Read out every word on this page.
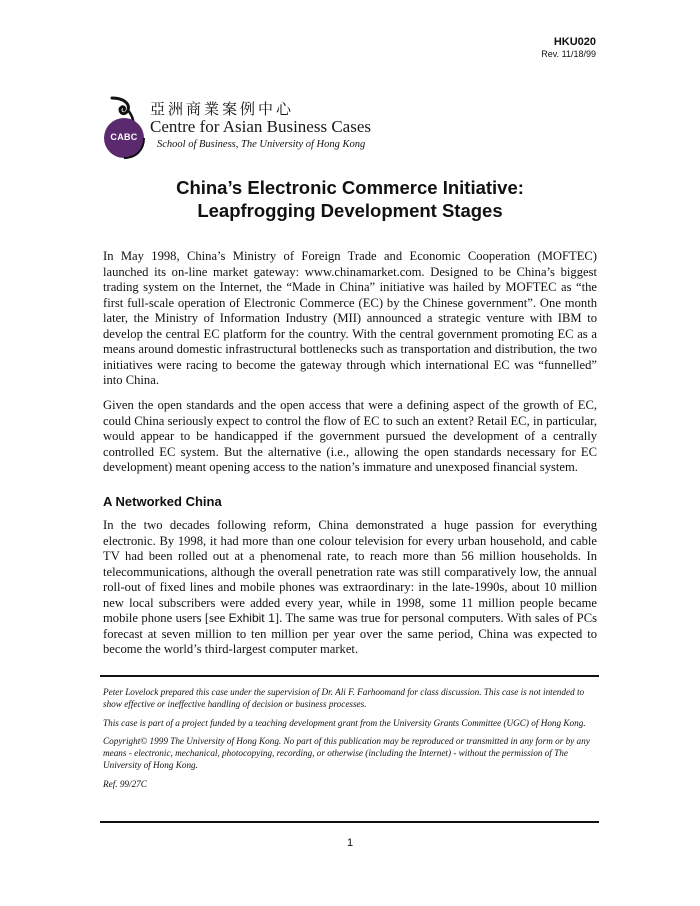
HKU020
Rev. 11/18/99
CABC
亞洲商業案例中心
Centre for Asian Business Cases
School of Business, The University of Hong Kong
China’s Electronic Commerce Initiative:
Leapfrogging Development Stages

In May 1998, China’s Ministry of Foreign Trade and Economic Cooperation (MOFTEC) launched its on-line market gateway: www.chinamarket.com. Designed to be China’s biggest trading system on the Internet, the “Made in China” initiative was hailed by MOFTEC as “the first full-scale operation of Electronic Commerce (EC) by the Chinese government”. One month later, the Ministry of Information Industry (MII) announced a strategic venture with IBM to develop the central EC platform for the country. With the central government promoting EC as a means around domestic infrastructural bottlenecks such as transportation and distribution, the two initiatives were racing to become the gateway through which international EC was “funnelled” into China.

Given the open standards and the open access that were a defining aspect of the growth of EC, could China seriously expect to control the flow of EC to such an extent? Retail EC, in particular, would appear to be handicapped if the government pursued the development of a centrally controlled EC system. But the alternative (i.e., allowing the open standards necessary for EC development) meant opening access to the nation’s immature and unexposed financial system.

A Networked China

In the two decades following reform, China demonstrated a huge passion for everything electronic. By 1998, it had more than one colour television for every urban household, and cable TV had been rolled out at a phenomenal rate, to reach more than 56 million households. In telecommunications, although the overall penetration rate was still comparatively low, the annual roll-out of fixed lines and mobile phones was extraordinary: in the late-1990s, about 10 million new local subscribers were added every year, while in 1998, some 11 million people became mobile phone users [see Exhibit 1]. The same was true for personal computers. With sales of PCs forecast at seven million to ten million per year over the same period, China was expected to become the world’s third-largest computer market.

Peter Lovelock prepared this case under the supervision of Dr. Ali F. Farhoomand for class discussion. This case is not intended to show effective or ineffective handling of decision or business processes.

This case is part of a project funded by a teaching development grant from the University Grants Committee (UGC) of Hong Kong.

Copyright© 1999 The University of Hong Kong. No part of this publication may be reproduced or transmitted in any form or by any means - electronic, mechanical, photocopying, recording, or otherwise (including the Internet) - without the permission of The University of Hong Kong.

Ref. 99/27C

1
